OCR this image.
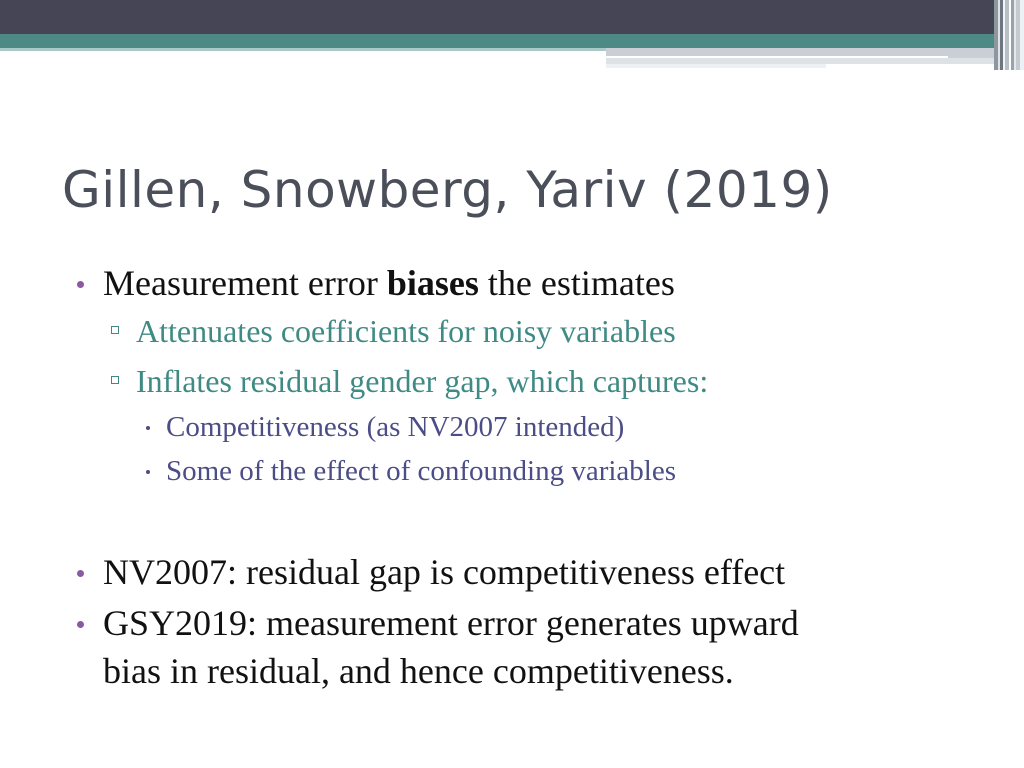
Gillen, Snowberg, Yariv (2019)
Measurement error biases the estimates
Attenuates coefficients for noisy variables
Inflates residual gender gap, which captures:
Competitiveness (as NV2007 intended)
Some of the effect of confounding variables
NV2007: residual gap is competitiveness effect
GSY2019: measurement error generates upward
bias in residual, and hence competitiveness.
